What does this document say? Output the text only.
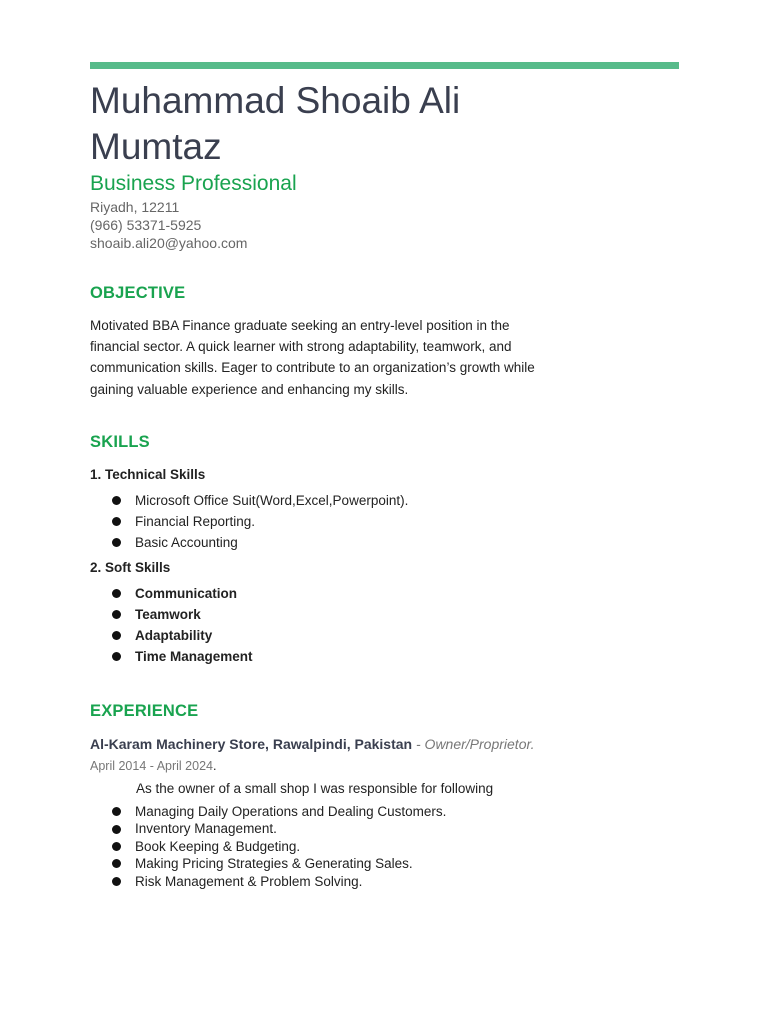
Muhammad Shoaib Ali
Mumtaz
Business Professional
Riyadh, 12211
(966) 53371-5925
shoaib.ali20@yahoo.com
OBJECTIVE
Motivated BBA Finance graduate seeking an entry-level position in the
financial sector. A quick learner with strong adaptability, teamwork, and
communication skills. Eager to contribute to an organization’s growth while
gaining valuable experience and enhancing my skills.
SKILLS
1. Technical Skills
Microsoft Office Suit(Word,Excel,Powerpoint).
Financial Reporting.
Basic Accounting
2. Soft Skills
Communication
Teamwork
Adaptability
Time Management
EXPERIENCE
Al-Karam Machinery Store, Rawalpindi, Pakistan - Owner/Proprietor.
April 2014 - April 2024.
As the owner of a small shop I was responsible for following
Managing Daily Operations and Dealing Customers.
Inventory Management.
Book Keeping & Budgeting.
Making Pricing Strategies & Generating Sales.
Risk Management & Problem Solving.
